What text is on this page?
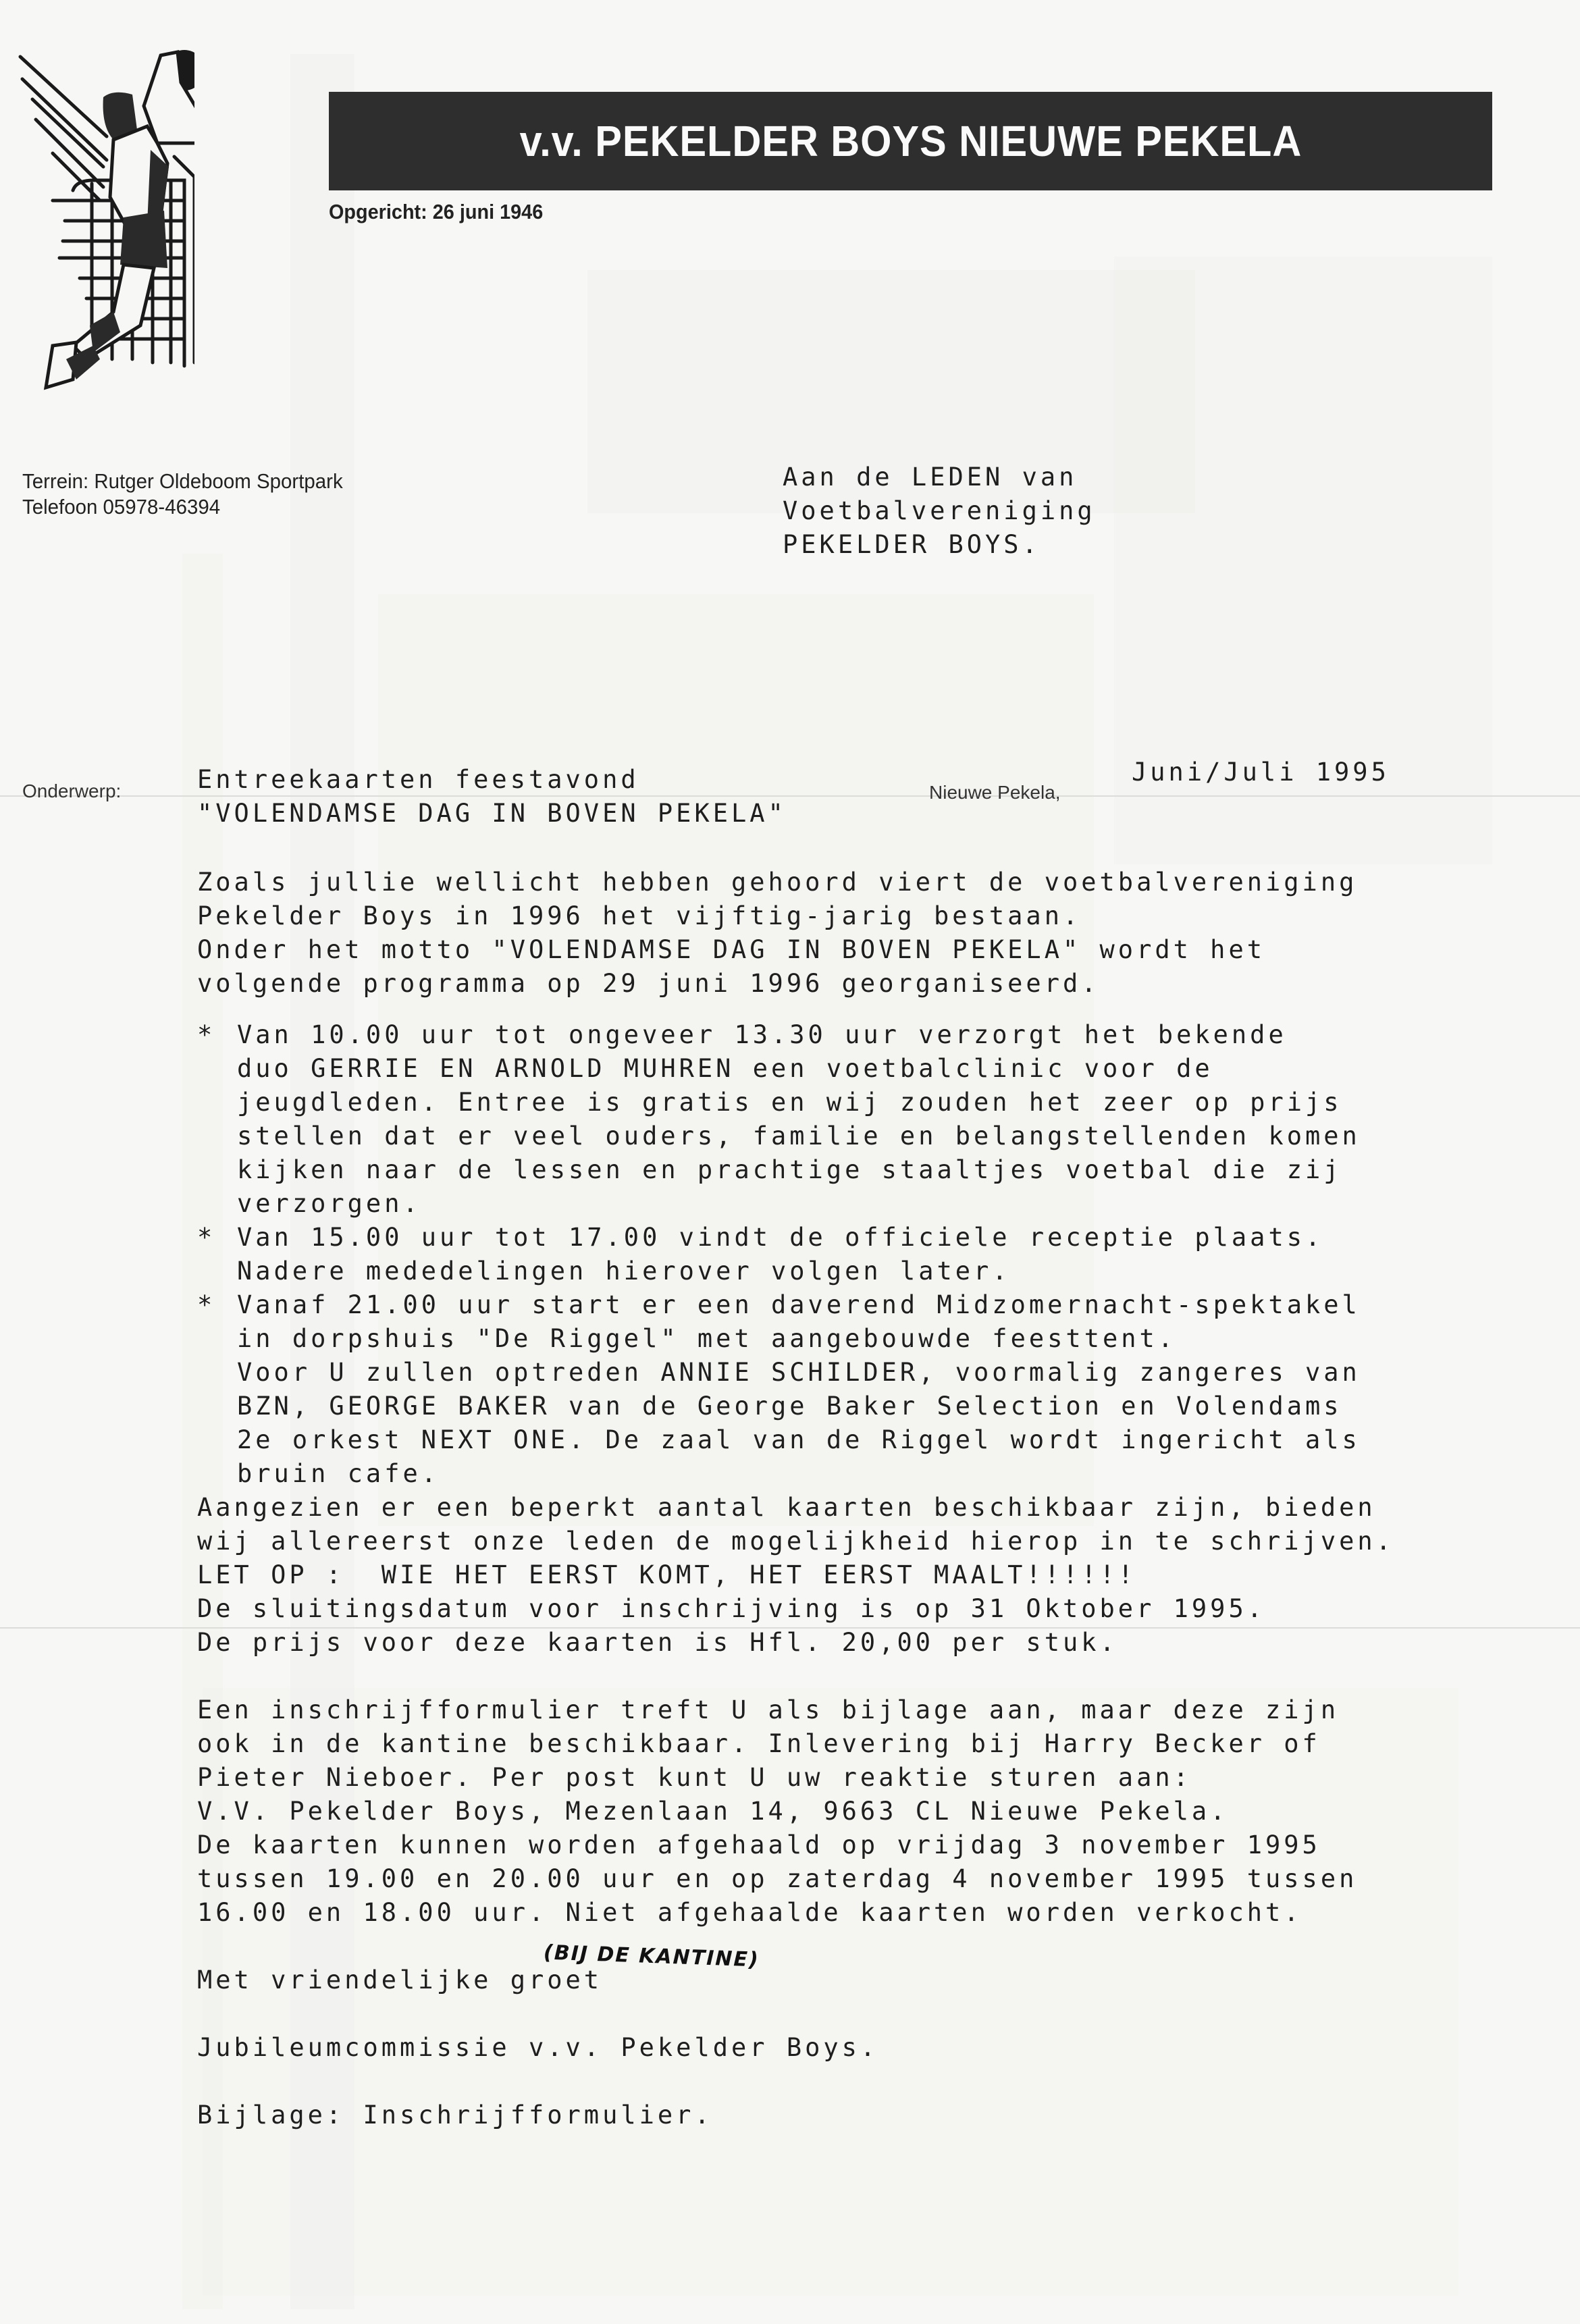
v.v. PEKELDER BOYS NIEUWE PEKELA
Opgericht: 26 juni 1946
Terrein: Rutger Oldeboom Sportpark
Telefoon 05978-46394
Aan de LEDEN van
Voetbalvereniging
PEKELDER BOYS.
Onderwerp:	Entreekaarten feestavond
"VOLENDAMSE DAG IN BOVEN PEKELA"
Nieuwe Pekela,
Juni/Juli 1995
Zoals jullie wellicht hebben gehoord viert de voetbalvereniging
Pekelder Boys in 1996 het vijftig-jarig bestaan.
Onder het motto "VOLENDAMSE DAG IN BOVEN PEKELA" wordt het
volgende programma op 29 juni 1996 georganiseerd.
* Van 10.00 uur tot ongeveer 13.30 uur verzorgt het bekende
duo GERRIE EN ARNOLD MUHREN een voetbalclinic voor de
jeugdleden. Entree is gratis en wij zouden het zeer op prijs
stellen dat er veel ouders, familie en belangstellenden komen
kijken naar de lessen en prachtige staaltjes voetbal die zij
verzorgen.
* Van 15.00 uur tot 17.00 vindt de officiele receptie plaats.
Nadere mededelingen hierover volgen later.
* Vanaf 21.00 uur start er een daverend Midzomernacht-spektakel
in dorpshuis "De Riggel" met aangebouwde feesttent.
Voor U zullen optreden ANNIE SCHILDER, voormalig zangeres van
BZN, GEORGE BAKER van de George Baker Selection en Volendams
2e orkest NEXT ONE. De zaal van de Riggel wordt ingericht als
bruin cafe.
Aangezien er een beperkt aantal kaarten beschikbaar zijn, bieden
wij allereerst onze leden de mogelijkheid hierop in te schrijven.
LET OP :  WIE HET EERST KOMT, HET EERST MAALT!!!!!!
De sluitingsdatum voor inschrijving is op 31 Oktober 1995.
De prijs voor deze kaarten is Hfl. 20,00 per stuk.
Een inschrijfformulier treft U als bijlage aan, maar deze zijn
ook in de kantine beschikbaar. Inlevering bij Harry Becker of
Pieter Nieboer. Per post kunt U uw reaktie sturen aan:
V.V. Pekelder Boys, Mezenlaan 14, 9663 CL Nieuwe Pekela.
De kaarten kunnen worden afgehaald op vrijdag 3 november 1995
tussen 19.00 en 20.00 uur en op zaterdag 4 november 1995 tussen
16.00 en 18.00 uur. Niet afgehaalde kaarten worden verkocht.
Met vriendelijke groet
Jubileumcommissie v.v. Pekelder Boys.
Bijlage: Inschrijfformulier.
(BIJ DE KANTINE)
